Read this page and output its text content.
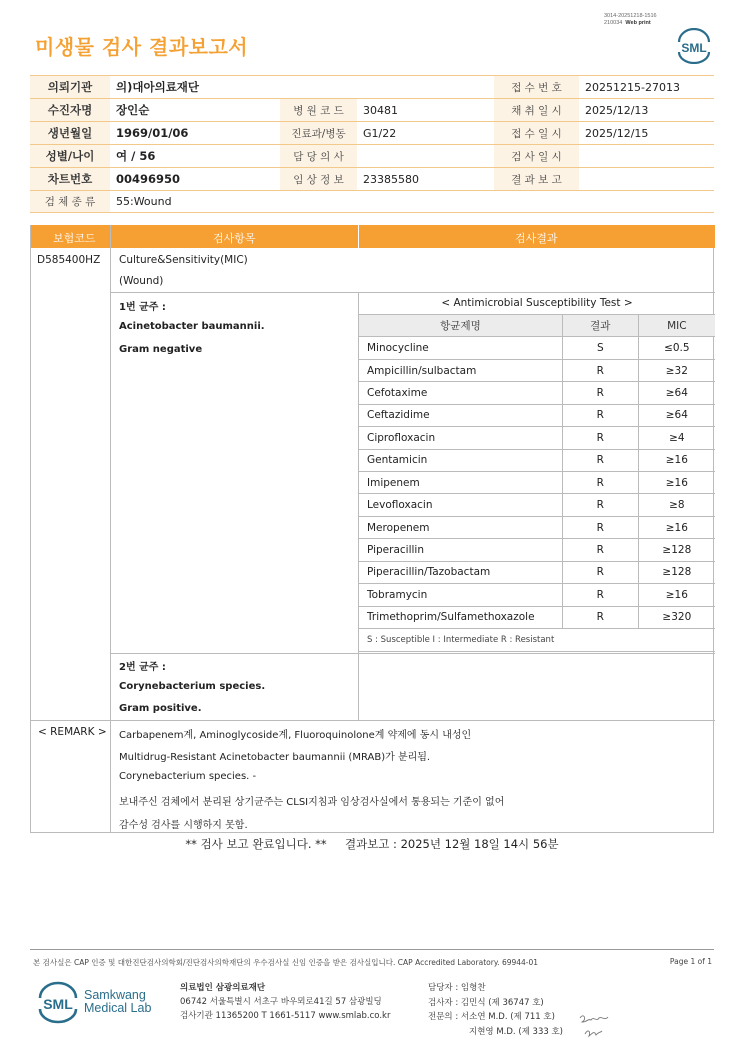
미생물 검사 결과보고서
3014-20251218-1516
210034 Web print
SML
의뢰기관	의)대아의료재단			접 수 번 호	20251215-27013
수진자명	장인순	병 원 코 드	30481	채 취 일 시	2025/12/13
생년월일	1969/01/06	진료과/병동	G1/22	접 수 일 시	2025/12/15
성별/나이	여 / 56	담 당 의 사		검 사 일 시	
차트번호	00496950	임 상 정 보	23385580	결 과 보 고	
검 체 종 류	55:Wound				
보험코드	검사항목	검사결과
D585400HZ Culture&Sensitivity(MIC)
(Wound)
1번 균주 :
Acinetobacter baumannii.
Gram negative
< Antimicrobial Susceptibility Test >		
항균제명	결과	MIC
Minocycline	S	≤0.5
Ampicillin/sulbactam	R	≥32
Cefotaxime	R	≥64
Ceftazidime	R	≥64
Ciprofloxacin	R	≥4
Gentamicin	R	≥16
Imipenem	R	≥16
Levofloxacin	R	≥8
Meropenem	R	≥16
Piperacillin	R	≥128
Piperacillin/Tazobactam	R	≥128
Tobramycin	R	≥16
Trimethoprim/Sulfamethoxazole	R	≥320
S : Susceptible I : Intermediate R : Resistant		
2번 균주 :
Corynebacterium species.
Gram positive.
< REMARK > Carbapenem계, Aminoglycoside계, Fluoroquinolone계 약제에 동시 내성인
Multidrug-Resistant Acinetobacter baumannii (MRAB)가 분리됨.
Corynebacterium species. -
보내주신 검체에서 분리된 상기균주는 CLSI지침과 임상검사실에서 통용되는 기준이 없어
감수성 검사를 시행하지 못함.
** 검사 보고 완료입니다. ** 결과보고 : 2025년 12월 18일 14시 56분
본 검사실은 CAP 인증 및 대한진단검사의학회/진단검사의학재단의 우수검사실 신임 인증을 받은 검사실입니다. CAP Accredited Laboratory. 69944-01	Page 1 of 1
SML
Samkwang
Medical Lab
의료법인 삼광의료재단
06742 서울특별시 서초구 바우뫼로41길 57 삼광빌딩
검사기관 11365200 T 1661-5117 www.smlab.co.kr
담당자 : 임형찬
검사자 : 김민식 (제 36747 호)
전문의 : 서소연 M.D. (제 711 호)
지현영 M.D. (제 333 호)
